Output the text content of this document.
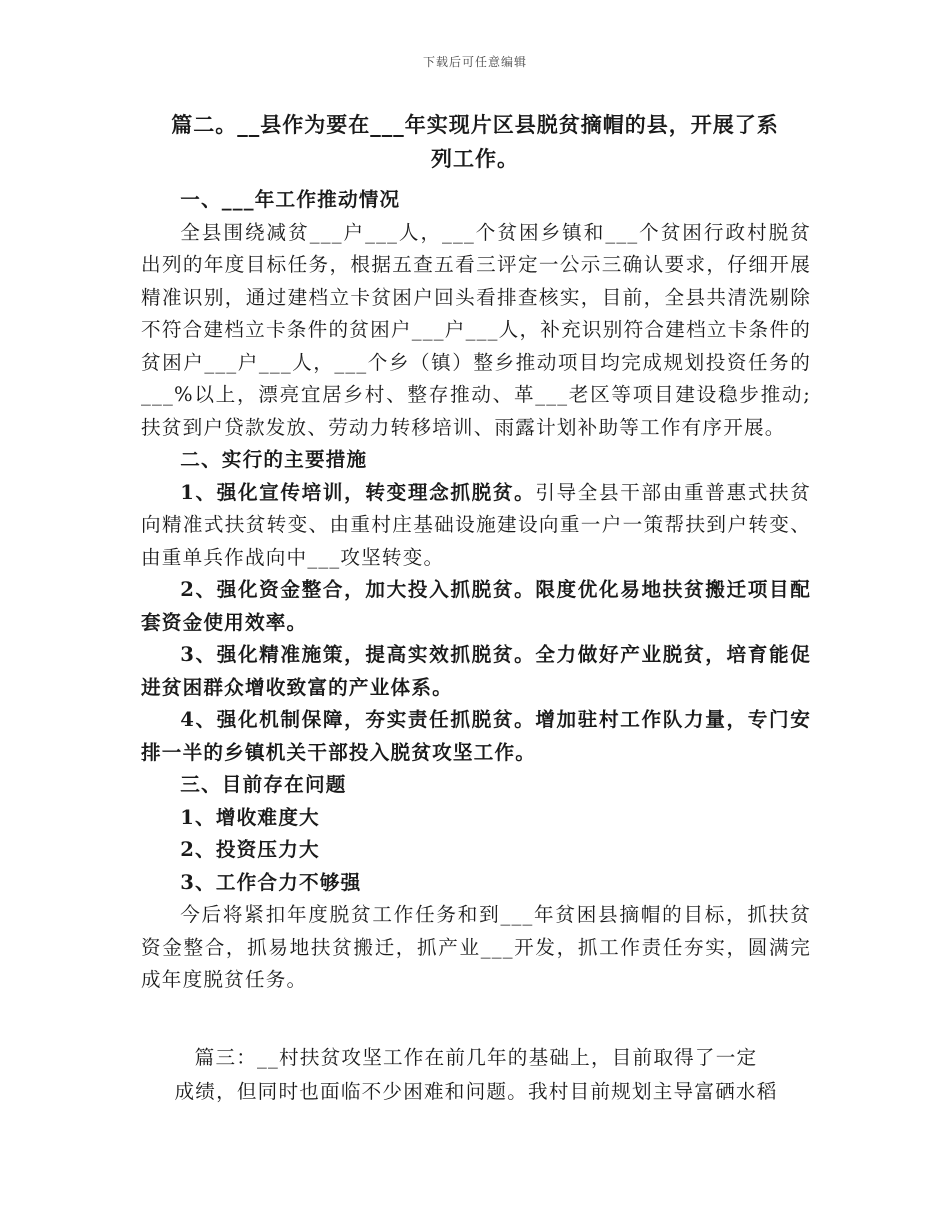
下载后可任意编辑
篇二。__县作为要在___年实现片区县脱贫摘帽的县，开展了系
列工作。

一、___年工作推动情况

全县围绕减贫___户___人，___个贫困乡镇和___个贫困行政村脱贫出列的年度目标任务，根据五查五看三评定一公示三确认要求，仔细开展精准识别，通过建档立卡贫困户回头看排查核实，目前，全县共清洗剔除不符合建档立卡条件的贫困户___户___人，补充识别符合建档立卡条件的贫困户___户___人，___个乡（镇）整乡推动项目均完成规划投资任务的___%以上，漂亮宜居乡村、整存推动、革___老区等项目建设稳步推动;扶贫到户贷款发放、劳动力转移培训、雨露计划补助等工作有序开展。

二、实行的主要措施

1、强化宣传培训，转变理念抓脱贫。引导全县干部由重普惠式扶贫向精准式扶贫转变、由重村庄基础设施建设向重一户一策帮扶到户转变、由重单兵作战向中___攻坚转变。

2、强化资金整合，加大投入抓脱贫。限度优化易地扶贫搬迁项目配套资金使用效率。

3、强化精准施策，提高实效抓脱贫。全力做好产业脱贫，培育能促进贫困群众增收致富的产业体系。

4、强化机制保障，夯实责任抓脱贫。增加驻村工作队力量，专门安排一半的乡镇机关干部投入脱贫攻坚工作。

三、目前存在问题

1、增收难度大

2、投资压力大

3、工作合力不够强

今后将紧扣年度脱贫工作任务和到___年贫困县摘帽的目标，抓扶贫资金整合，抓易地扶贫搬迁，抓产业___开发，抓工作责任夯实，圆满完成年度脱贫任务。

篇三：__村扶贫攻坚工作在前几年的基础上，目前取得了一定

成绩，但同时也面临不少困难和问题。我村目前规划主导富硒水稻
